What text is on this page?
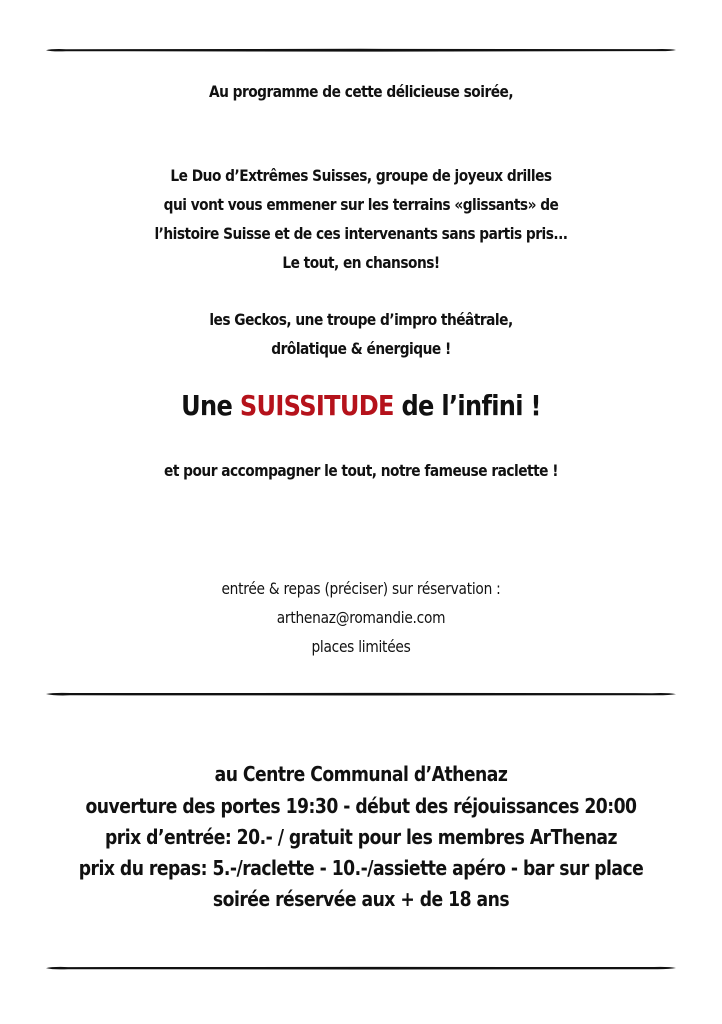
Au programme de cette délicieuse soirée,
Le Duo d’Extrêmes Suisses, groupe de joyeux drilles
qui vont vous emmener sur les terrains «glissants» de
l’histoire Suisse et de ces intervenants sans partis pris...
Le tout, en chansons!
les Geckos, une troupe d’impro théâtrale,
drôlatique & énergique !
Une SUISSITUDE de l’infini !
et pour accompagner le tout, notre fameuse raclette !
entrée & repas (préciser) sur réservation :
arthenaz@romandie.com
places limitées
au Centre Communal d’Athenaz
ouverture des portes 19:30 - début des réjouissances 20:00
prix d’entrée: 20.- / gratuit pour les membres ArThenaz
prix du repas: 5.-/raclette - 10.-/assiette apéro - bar sur place
soirée réservée aux + de 18 ans
